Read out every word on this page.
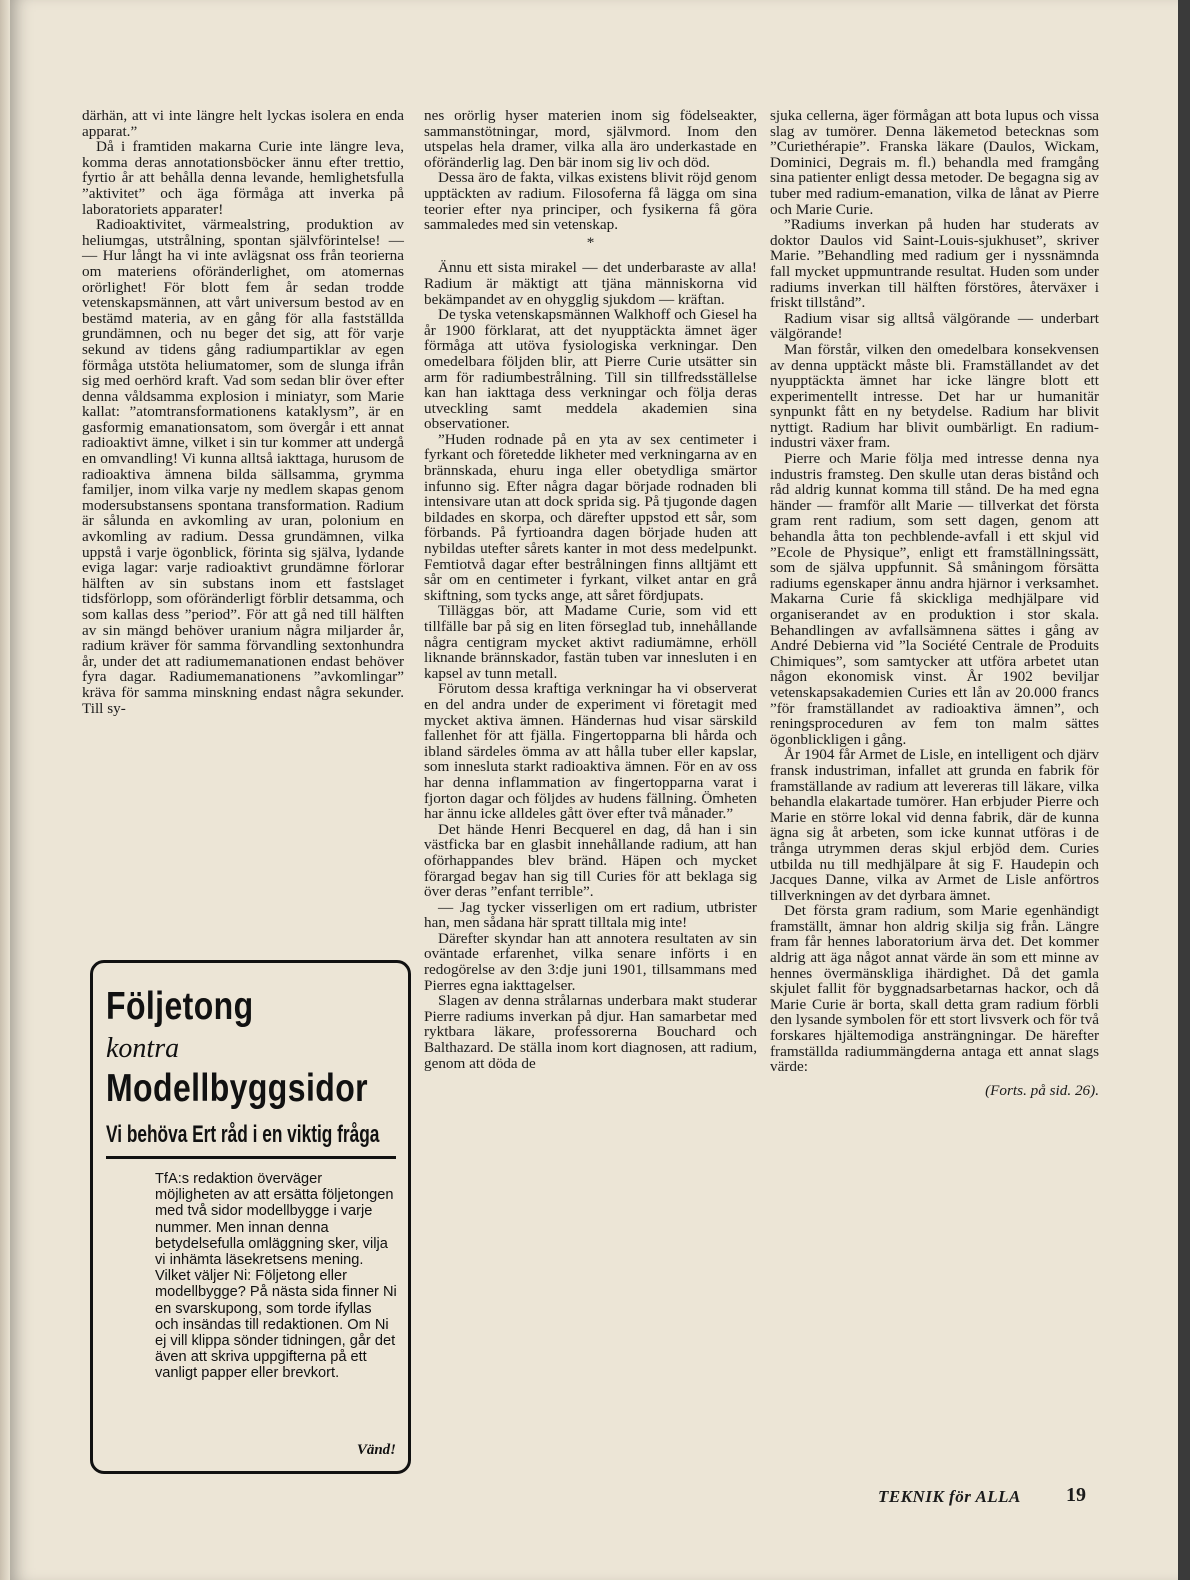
därhän, att vi inte längre helt lyckas isolera en enda apparat.”

Då i framtiden makarna Curie inte längre leva, komma deras annotationsböcker ännu efter trettio, fyrtio år att behålla denna levande, hemlighetsfulla ”aktivitet” och äga förmåga att inverka på laboratoriets apparater!

Radioaktivitet, värmealstring, produktion av heliumgas, utstrålning, spontan självförintelse! — — Hur långt ha vi inte avlägsnat oss från teorierna om materiens oföränderlighet, om atomernas orörlighet! För blott fem år sedan trodde vetenskapsmännen, att vårt universum bestod av en bestämd materia, av en gång för alla fastställda grundämnen, och nu beger det sig, att för varje sekund av tidens gång radiumpartiklar av egen förmåga utstöta heliumatomer, som de slunga ifrån sig med oerhörd kraft. Vad som sedan blir över efter denna våldsamma explosion i miniatyr, som Marie kallat: ”atomtransformationens kataklysm”, är en gasformig emanationsatom, som övergår i ett annat radioaktivt ämne, vilket i sin tur kommer att undergå en omvandling! Vi kunna alltså iakttaga, hurusom de radioaktiva ämnena bilda sällsamma, grymma familjer, inom vilka varje ny medlem skapas genom modersubstansens spontana transformation. Radium är sålunda en avkomling av uran, polonium en avkomling av radium. Dessa grundämnen, vilka uppstå i varje ögonblick, förinta sig själva, lydande eviga lagar: varje radioaktivt grundämne förlorar hälften av sin substans inom ett fastslaget tidsförlopp, som oföränderligt förblir detsamma, och som kallas dess ”period”. För att gå ned till hälften av sin mängd behöver uranium några miljarder år, radium kräver för samma förvandling sextonhundra år, under det att radiumemanationen endast behöver fyra dagar. Radiumemanationens ”avkomlingar” kräva för samma minskning endast några sekunder. Till sy-

nes orörlig hyser materien inom sig födelseakter, sammanstötningar, mord, självmord. Inom den utspelas hela dramer, vilka alla äro underkastade en oföränderlig lag. Den bär inom sig liv och död.

Dessa äro de fakta, vilkas existens blivit röjd genom upptäckten av radium. Filosoferna få lägga om sina teorier efter nya principer, och fysikerna få göra sammaledes med sin vetenskap.

*

Ännu ett sista mirakel — det underbaraste av alla! Radium är mäktigt att tjäna människorna vid bekämpandet av en ohygglig sjukdom — kräftan.

De tyska vetenskapsmännen Walkhoff och Giesel ha år 1900 förklarat, att det nyupptäckta ämnet äger förmåga att utöva fysiologiska verkningar. Den omedelbara följden blir, att Pierre Curie utsätter sin arm för radiumbestrålning. Till sin tillfredsställelse kan han iakttaga dess verkningar och följa deras utveckling samt meddela akademien sina observationer.

”Huden rodnade på en yta av sex centimeter i fyrkant och företedde likheter med verkningarna av en brännskada, ehuru inga eller obetydliga smärtor infunno sig. Efter några dagar började rodnaden bli intensivare utan att dock sprida sig. På tjugonde dagen bildades en skorpa, och därefter uppstod ett sår, som förbands. På fyrtioandra dagen började huden att nybildas utefter sårets kanter in mot dess medelpunkt. Femtiotvå dagar efter bestrålningen finns alltjämt ett sår om en centimeter i fyrkant, vilket antar en grå skiftning, som tycks ange, att såret fördjupats.

Tilläggas bör, att Madame Curie, som vid ett tillfälle bar på sig en liten förseglad tub, innehållande några centigram mycket aktivt radiumämne, erhöll liknande brännskador, fastän tuben var innesluten i en kapsel av tunn metall.

Förutom dessa kraftiga verkningar ha vi observerat en del andra under de experiment vi företagit med mycket aktiva ämnen. Händernas hud visar särskild fallenhet för att fjälla. Fingertopparna bli hårda och ibland särdeles ömma av att hålla tuber eller kapslar, som innesluta starkt radioaktiva ämnen. För en av oss har denna inflammation av fingertopparna varat i fjorton dagar och följdes av hudens fällning. Ömheten har ännu icke alldeles gått över efter två månader.”

Det hände Henri Becquerel en dag, då han i sin västficka bar en glasbit innehållande radium, att han oförhappandes blev bränd. Häpen och mycket förargad begav han sig till Curies för att beklaga sig över deras ”enfant terrible”.

— Jag tycker visserligen om ert radium, utbrister han, men sådana här spratt tilltala mig inte!

Därefter skyndar han att annotera resultaten av sin oväntade erfarenhet, vilka senare införts i en redogörelse av den 3:dje juni 1901, tillsammans med Pierres egna iakttagelser.

Slagen av denna strålarnas underbara makt studerar Pierre radiums inverkan på djur. Han samarbetar med ryktbara läkare, professorerna Bouchard och Balthazard. De ställa inom kort diagnosen, att radium, genom att döda de

sjuka cellerna, äger förmågan att bota lupus och vissa slag av tumörer. Denna läkemetod betecknas som ”Curiethérapie”. Franska läkare (Daulos, Wickam, Dominici, Degrais m. fl.) behandla med framgång sina patienter enligt dessa metoder. De begagna sig av tuber med radium-emanation, vilka de lånat av Pierre och Marie Curie.

”Radiums inverkan på huden har studerats av doktor Daulos vid Saint-Louis-sjukhuset”, skriver Marie. ”Behandling med radium ger i nyssnämnda fall mycket uppmuntrande resultat. Huden som under radiums inverkan till hälften förstöres, återväxer i friskt tillstånd”.

Radium visar sig alltså välgörande — underbart välgörande!

Man förstår, vilken den omedelbara konsekvensen av denna upptäckt måste bli. Framställandet av det nyupptäckta ämnet har icke längre blott ett experimentellt intresse. Det har ur humanitär synpunkt fått en ny betydelse. Radium har blivit nyttigt. Radium har blivit oumbärligt. En radium-industri växer fram.

Pierre och Marie följa med intresse denna nya industris framsteg. Den skulle utan deras bistånd och råd aldrig kunnat komma till stånd. De ha med egna händer — framför allt Marie — tillverkat det första gram rent radium, som sett dagen, genom att behandla åtta ton pechblende-avfall i ett skjul vid ”Ecole de Physique”, enligt ett framställningssätt, som de själva uppfunnit. Så småningom försätta radiums egenskaper ännu andra hjärnor i verksamhet. Makarna Curie få skickliga medhjälpare vid organiserandet av en produktion i stor skala. Behandlingen av avfallsämnena sättes i gång av André Debierna vid ”la Société Centrale de Produits Chimiques”, som samtycker att utföra arbetet utan någon ekonomisk vinst. År 1902 beviljar vetenskapsakademien Curies ett lån av 20.000 francs ”för framställandet av radioaktiva ämnen”, och reningsproceduren av fem ton malm sättes ögonblickligen i gång.

År 1904 får Armet de Lisle, en intelligent och djärv fransk industriman, infallet att grunda en fabrik för framställande av radium att levereras till läkare, vilka behandla elakartade tumörer. Han erbjuder Pierre och Marie en större lokal vid denna fabrik, där de kunna ägna sig åt arbeten, som icke kunnat utföras i de trånga utrymmen deras skjul erbjöd dem. Curies utbilda nu till medhjälpare åt sig F. Haudepin och Jacques Danne, vilka av Armet de Lisle anförtros tillverkningen av det dyrbara ämnet.

Det första gram radium, som Marie egenhändigt framställt, ämnar hon aldrig skilja sig från. Längre fram får hennes laboratorium ärva det. Det kommer aldrig att äga något annat värde än som ett minne av hennes övermänskliga ihärdighet. Då det gamla skjulet fallit för byggnadsarbetarnas hackor, och då Marie Curie är borta, skall detta gram radium förbli den lysande symbolen för ett stort livsverk och för två forskares hjältemodiga ansträngningar. De härefter framställda radiummängderna antaga ett annat slags värde:

(Forts. på sid. 26).
Följetong
kontra
Modellbyggsidor
Vi behöva Ert råd i en viktig fråga
TfA:s redaktion överväger möjligheten av att ersätta följetongen med två sidor modellbygge i varje nummer. Men innan denna betydelsefulla omläggning sker, vilja vi inhämta läsekretsens mening. Vilket väljer Ni: Följetong eller modellbygge? På nästa sida finner Ni en svarskupong, som torde ifyllas och insändas till redaktionen. Om Ni ej vill klippa sönder tidningen, går det även att skriva uppgifterna på ett vanligt papper eller brevkort.
Vänd!
TEKNIK för ALLA 19
